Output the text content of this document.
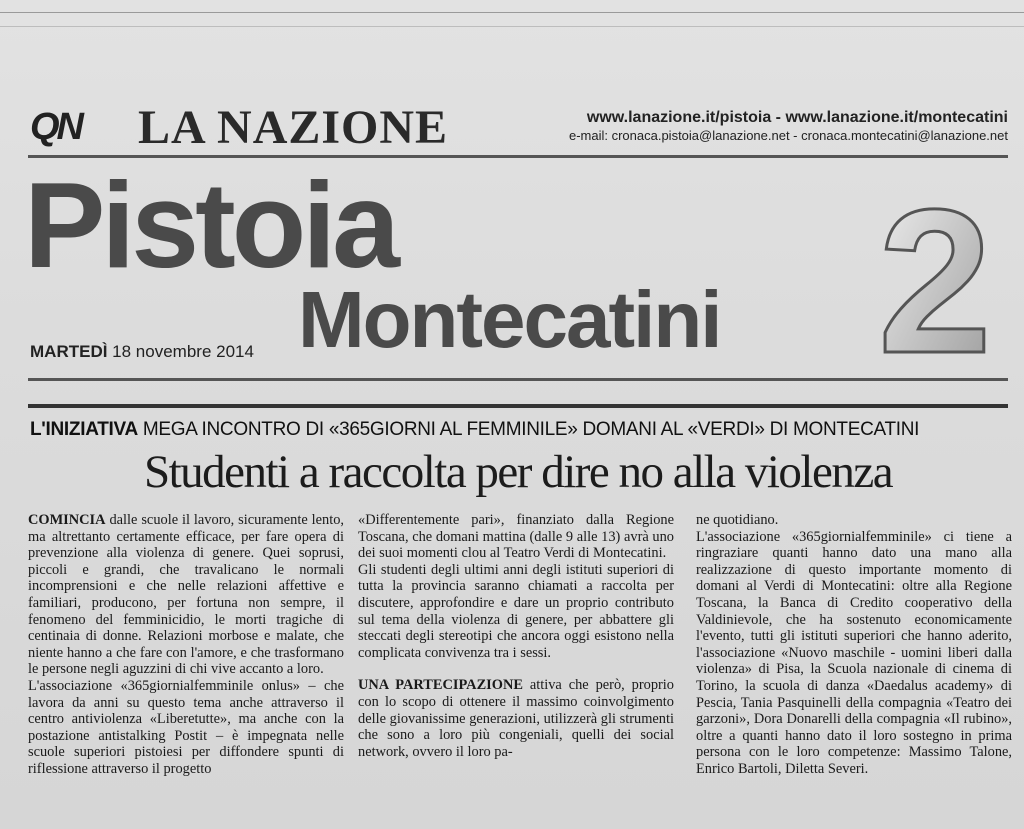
QN LA NAZIONE	www.lanazione.it/pistoia - www.lanazione.it/montecatini
e-mail: cronaca.pistoia@lanazione.net - cronaca.montecatini@lanazione.net
Pistoia
Montecatini 2
MARTEDÌ 18 novembre 2014
L'INIZIATIVA MEGA INCONTRO DI «365GIORNI AL FEMMINILE» DOMANI AL «VERDI» DI MONTECATINI
Studenti a raccolta per dire no alla violenza

COMINCIA dalle scuole il lavoro, sicuramente lento, ma altrettanto certamente efficace, per fare opera di prevenzione alla violenza di genere. Quei soprusi, piccoli e grandi, che travalicano le normali incomprensioni e che nelle relazioni affettive e familiari, producono, per fortuna non sempre, il fenomeno del femminicidio, le morti tragiche di centinaia di donne. Relazioni morbose e malate, che niente hanno a che fare con l'amore, e che trasformano le persone negli aguzzini di chi vive accanto a loro.

L'associazione «365giornialfemminile onlus» – che lavora da anni su questo tema anche attraverso il centro antiviolenza «Liberetutte», ma anche con la postazione antistalking Postit – è impegnata nelle scuole superiori pistoiesi per diffondere spunti di riflessione attraverso il progetto

«Differentemente pari», finanziato dalla Regione Toscana, che domani mattina (dalle 9 alle 13) avrà uno dei suoi momenti clou al Teatro Verdi di Montecatini.

Gli studenti degli ultimi anni degli istituti superiori di tutta la provincia saranno chiamati a raccolta per discutere, approfondire e dare un proprio contributo sul tema della violenza di genere, per abbattere gli steccati degli stereotipi che ancora oggi esistono nella complicata convivenza tra i sessi.

UNA PARTECIPAZIONE attiva che però, proprio con lo scopo di ottenere il massimo coinvolgimento delle giovanissime generazioni, utilizzerà gli strumenti che sono a loro più congeniali, quelli dei social network, ovvero il loro pa-

ne quotidiano.

L'associazione «365giornialfemminile» ci tiene a ringraziare quanti hanno dato una mano alla realizzazione di questo importante momento di domani al Verdi di Montecatini: oltre alla Regione Toscana, la Banca di Credito cooperativo della Valdinievole, che ha sostenuto economicamente l'evento, tutti gli istituti superiori che hanno aderito, l'associazione «Nuovo maschile - uomini liberi dalla violenza» di Pisa, la Scuola nazionale di cinema di Torino, la scuola di danza «Daedalus academy» di Pescia, Tania Pasquinelli della compagnia «Teatro dei garzoni», Dora Donarelli della compagnia «Il rubino», oltre a quanti hanno dato il loro sostegno in prima persona con le loro competenze: Massimo Talone, Enrico Bartoli, Diletta Severi.
